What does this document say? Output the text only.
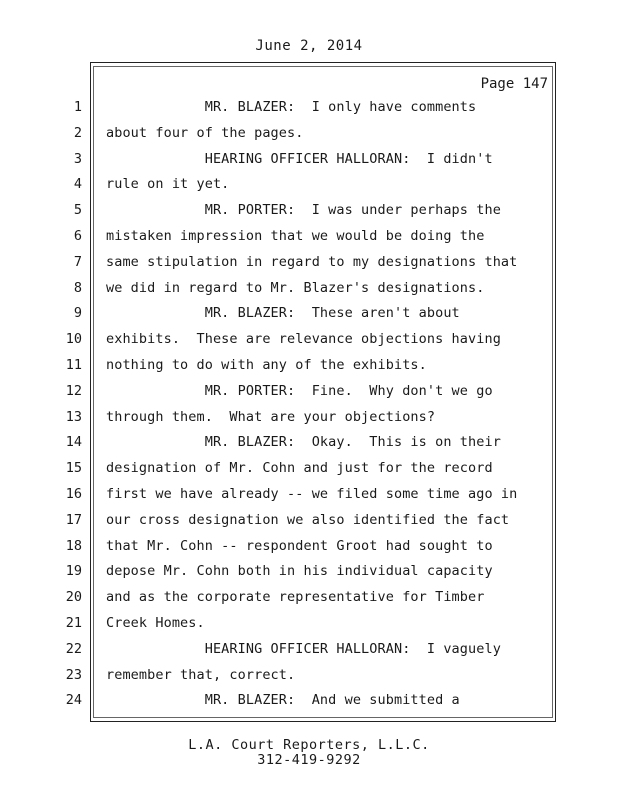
June 2, 2014
Page 147
1 MR. BLAZER:  I only have comments
2 about four of the pages.
3 HEARING OFFICER HALLORAN:  I didn't
4 rule on it yet.
5 MR. PORTER:  I was under perhaps the
6 mistaken impression that we would be doing the
7 same stipulation in regard to my designations that
8 we did in regard to Mr. Blazer's designations.
9 MR. BLAZER:  These aren't about
10 exhibits.  These are relevance objections having
11 nothing to do with any of the exhibits.
12 MR. PORTER:  Fine.  Why don't we go
13 through them.  What are your objections?
14 MR. BLAZER:  Okay.  This is on their
15 designation of Mr. Cohn and just for the record
16 first we have already -- we filed some time ago in
17 our cross designation we also identified the fact
18 that Mr. Cohn -- respondent Groot had sought to
19 depose Mr. Cohn both in his individual capacity
20 and as the corporate representative for Timber
21 Creek Homes.
22 HEARING OFFICER HALLORAN:  I vaguely
23 remember that, correct.
24 MR. BLAZER:  And we submitted a
L.A. Court Reporters, L.L.C.
312-419-9292
